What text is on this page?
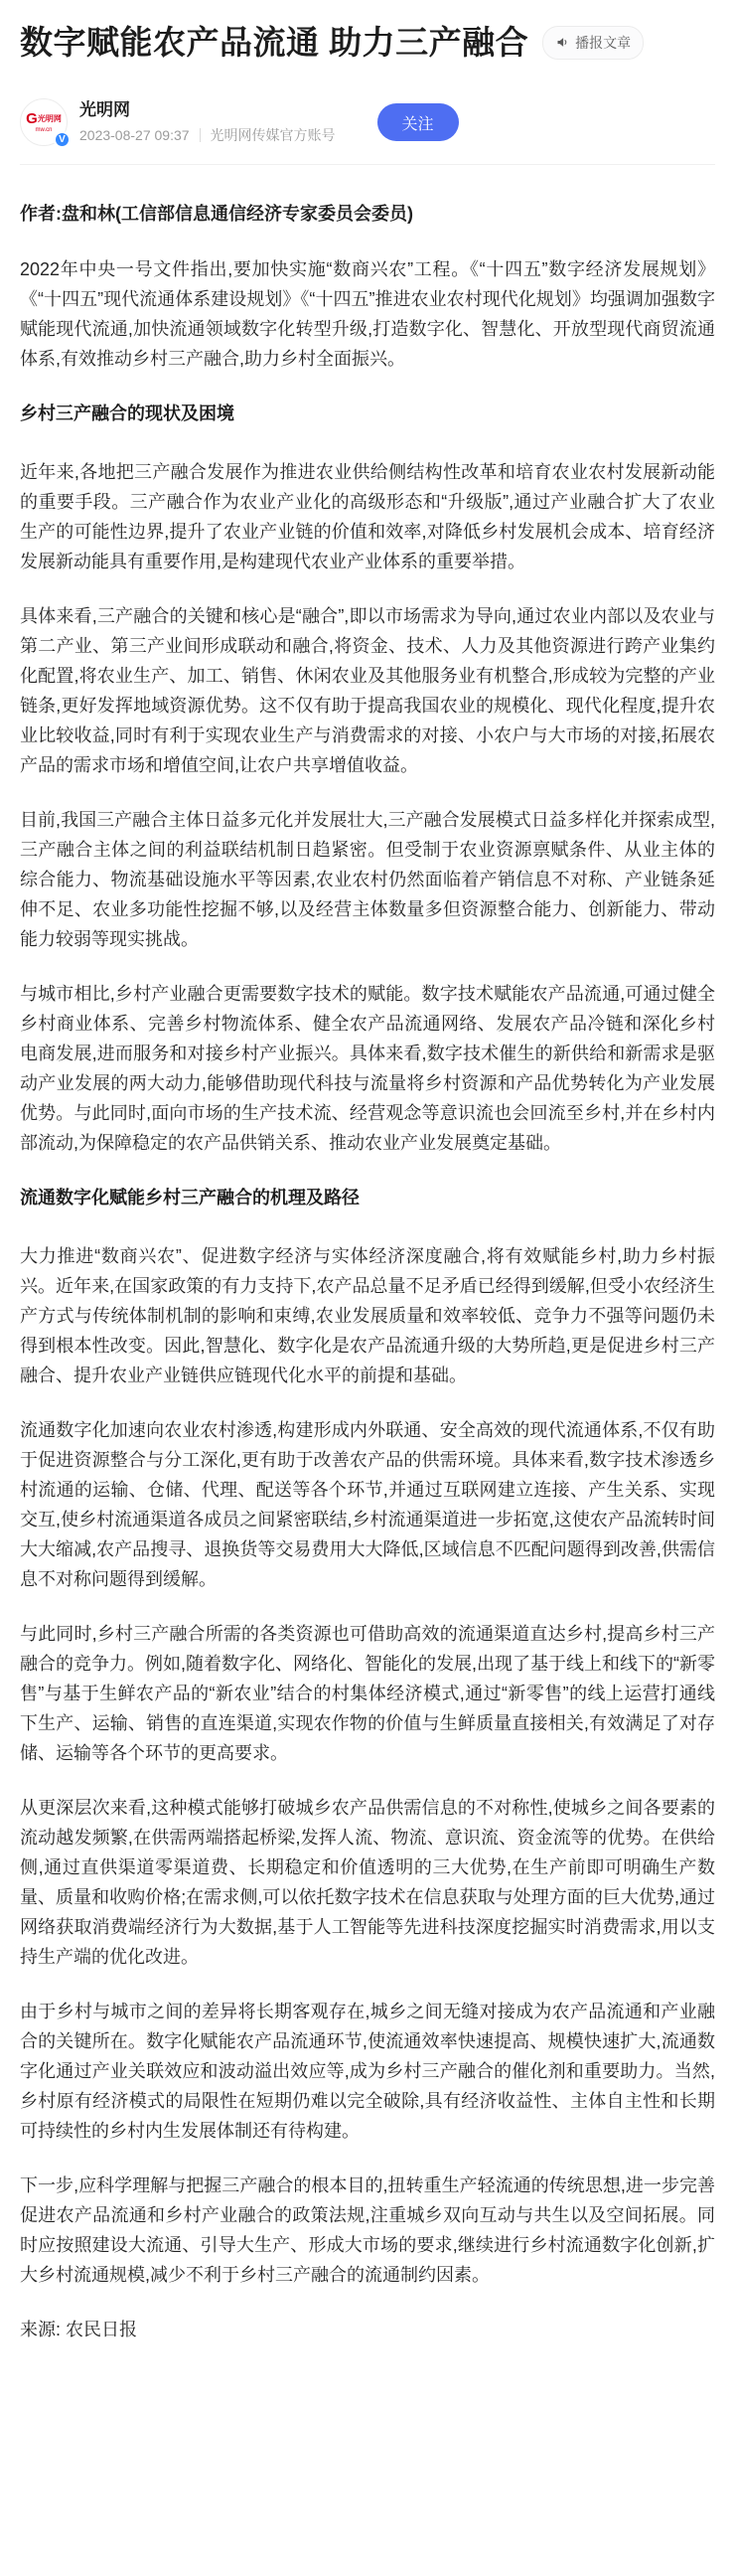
数字赋能农产品流通 助力三产融合	播报文章
$G^{光明网}$
mw.cn
V
光明网
2023-08-27 09:37 光明网传媒官方账号
关注

作者:盘和林(工信部信息通信经济专家委员会委员)

2022年中央一号文件指出,要加快实施“数商兴农”工程。《“十四五”数字经济发展规划》《“十四五”现代流通体系建设规划》《“十四五”推进农业农村现代化规划》均强调加强数字赋能现代流通,加快流通领域数字化转型升级,打造数字化、智慧化、开放型现代商贸流通体系,有效推动乡村三产融合,助力乡村全面振兴。

乡村三产融合的现状及困境

近年来,各地把三产融合发展作为推进农业供给侧结构性改革和培育农业农村发展新动能的重要手段。三产融合作为农业产业化的高级形态和“升级版”,通过产业融合扩大了农业生产的可能性边界,提升了农业产业链的价值和效率,对降低乡村发展机会成本、培育经济发展新动能具有重要作用,是构建现代农业产业体系的重要举措。

具体来看,三产融合的关键和核心是“融合”,即以市场需求为导向,通过农业内部以及农业与第二产业、第三产业间形成联动和融合,将资金、技术、人力及其他资源进行跨产业集约化配置,将农业生产、加工、销售、休闲农业及其他服务业有机整合,形成较为完整的产业链条,更好发挥地域资源优势。这不仅有助于提高我国农业的规模化、现代化程度,提升农业比较收益,同时有利于实现农业生产与消费需求的对接、小农户与大市场的对接,拓展农产品的需求市场和增值空间,让农户共享增值收益。

目前,我国三产融合主体日益多元化并发展壮大,三产融合发展模式日益多样化并探索成型,三产融合主体之间的利益联结机制日趋紧密。但受制于农业资源禀赋条件、从业主体的综合能力、物流基础设施水平等因素,农业农村仍然面临着产销信息不对称、产业链条延伸不足、农业多功能性挖掘不够,以及经营主体数量多但资源整合能力、创新能力、带动能力较弱等现实挑战。

与城市相比,乡村产业融合更需要数字技术的赋能。数字技术赋能农产品流通,可通过健全乡村商业体系、完善乡村物流体系、健全农产品流通网络、发展农产品冷链和深化乡村电商发展,进而服务和对接乡村产业振兴。具体来看,数字技术催生的新供给和新需求是驱动产业发展的两大动力,能够借助现代科技与流量将乡村资源和产品优势转化为产业发展优势。与此同时,面向市场的生产技术流、经营观念等意识流也会回流至乡村,并在乡村内部流动,为保障稳定的农产品供销关系、推动农业产业发展奠定基础。

流通数字化赋能乡村三产融合的机理及路径

大力推进“数商兴农”、促进数字经济与实体经济深度融合,将有效赋能乡村,助力乡村振兴。近年来,在国家政策的有力支持下,农产品总量不足矛盾已经得到缓解,但受小农经济生产方式与传统体制机制的影响和束缚,农业发展质量和效率较低、竞争力不强等问题仍未得到根本性改变。因此,智慧化、数字化是农产品流通升级的大势所趋,更是促进乡村三产融合、提升农业产业链供应链现代化水平的前提和基础。

流通数字化加速向农业农村渗透,构建形成内外联通、安全高效的现代流通体系,不仅有助于促进资源整合与分工深化,更有助于改善农产品的供需环境。具体来看,数字技术渗透乡村流通的运输、仓储、代理、配送等各个环节,并通过互联网建立连接、产生关系、实现交互,使乡村流通渠道各成员之间紧密联结,乡村流通渠道进一步拓宽,这使农产品流转时间大大缩减,农产品搜寻、退换货等交易费用大大降低,区域信息不匹配问题得到改善,供需信息不对称问题得到缓解。

与此同时,乡村三产融合所需的各类资源也可借助高效的流通渠道直达乡村,提高乡村三产融合的竞争力。例如,随着数字化、网络化、智能化的发展,出现了基于线上和线下的“新零售”与基于生鲜农产品的“新农业”结合的村集体经济模式,通过“新零售”的线上运营打通线下生产、运输、销售的直连渠道,实现农作物的价值与生鲜质量直接相关,有效满足了对存储、运输等各个环节的更高要求。

从更深层次来看,这种模式能够打破城乡农产品供需信息的不对称性,使城乡之间各要素的流动越发频繁,在供需两端搭起桥梁,发挥人流、物流、意识流、资金流等的优势。在供给侧,通过直供渠道零渠道费、长期稳定和价值透明的三大优势,在生产前即可明确生产数量、质量和收购价格;在需求侧,可以依托数字技术在信息获取与处理方面的巨大优势,通过网络获取消费端经济行为大数据,基于人工智能等先进科技深度挖掘实时消费需求,用以支持生产端的优化改进。

由于乡村与城市之间的差异将长期客观存在,城乡之间无缝对接成为农产品流通和产业融合的关键所在。数字化赋能农产品流通环节,使流通效率快速提高、规模快速扩大,流通数字化通过产业关联效应和波动溢出效应等,成为乡村三产融合的催化剂和重要助力。当然,乡村原有经济模式的局限性在短期仍难以完全破除,具有经济收益性、主体自主性和长期可持续性的乡村内生发展体制还有待构建。

下一步,应科学理解与把握三产融合的根本目的,扭转重生产轻流通的传统思想,进一步完善促进农产品流通和乡村产业融合的政策法规,注重城乡双向互动与共生以及空间拓展。同时应按照建设大流通、引导大生产、形成大市场的要求,继续进行乡村流通数字化创新,扩大乡村流通规模,减少不利于乡村三产融合的流通制约因素。

来源: 农民日报
